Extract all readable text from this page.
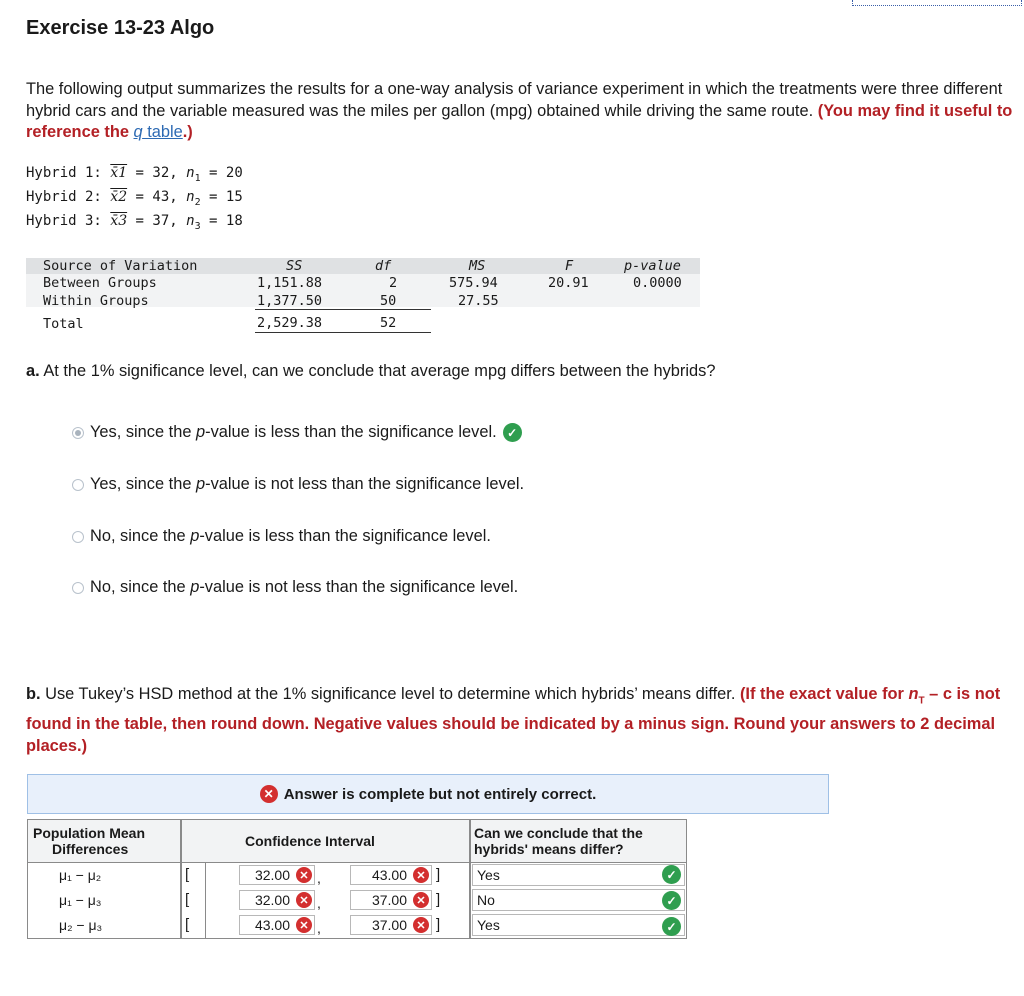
Exercise 13-23 Algo
The following output summarizes the results for a one-way analysis of variance experiment in which the treatments were three different hybrid cars and the variable measured was the miles per gallon (mpg) obtained while driving the same route. (You may find it useful to reference the q table.)
Hybrid 1: x̄1 = 32, $n_1 = 20$
Hybrid 2: x̄2 = 43, $n_2 = 15$
Hybrid 3: x̄3 = 37, $n_3 = 18$
Source of Variation	SS	df	MS	F	p-value
Between Groups	1,151.88	2	575.94	20.91	0.0000
Within Groups	1,377.50	50	27.55
Total	2,529.38	52
a. At the 1% significance level, can we conclude that average mpg differs between the hybrids?
Yes, since the p-value is less than the significance level. ✓
Yes, since the p-value is not less than the significance level.
No, since the p-value is less than the significance level.
No, since the p-value is not less than the significance level.
b. Use Tukey’s HSD method at the 1% significance level to determine which hybrids’ means differ. (If the exact value for $n_T$ – c is not found in the table, then round down. Negative values should be indicated by a minus sign. Round your answers to 2 decimal places.)
✕ Answer is complete but not entirely correct.
Population Mean
Differences	Confidence Interval	Can we conclude that the
hybrids' means differ?
μ₁ − μ₂	[	32.00 ✕ ,	43.00 ✕ ]	Yes	✓
μ₁ − μ₃	[	32.00 ✕ ,	37.00 ✕ ]	No	✓
μ₂ − μ₃	[	43.00 ✕ ,	37.00 ✕ ]	Yes	✓
